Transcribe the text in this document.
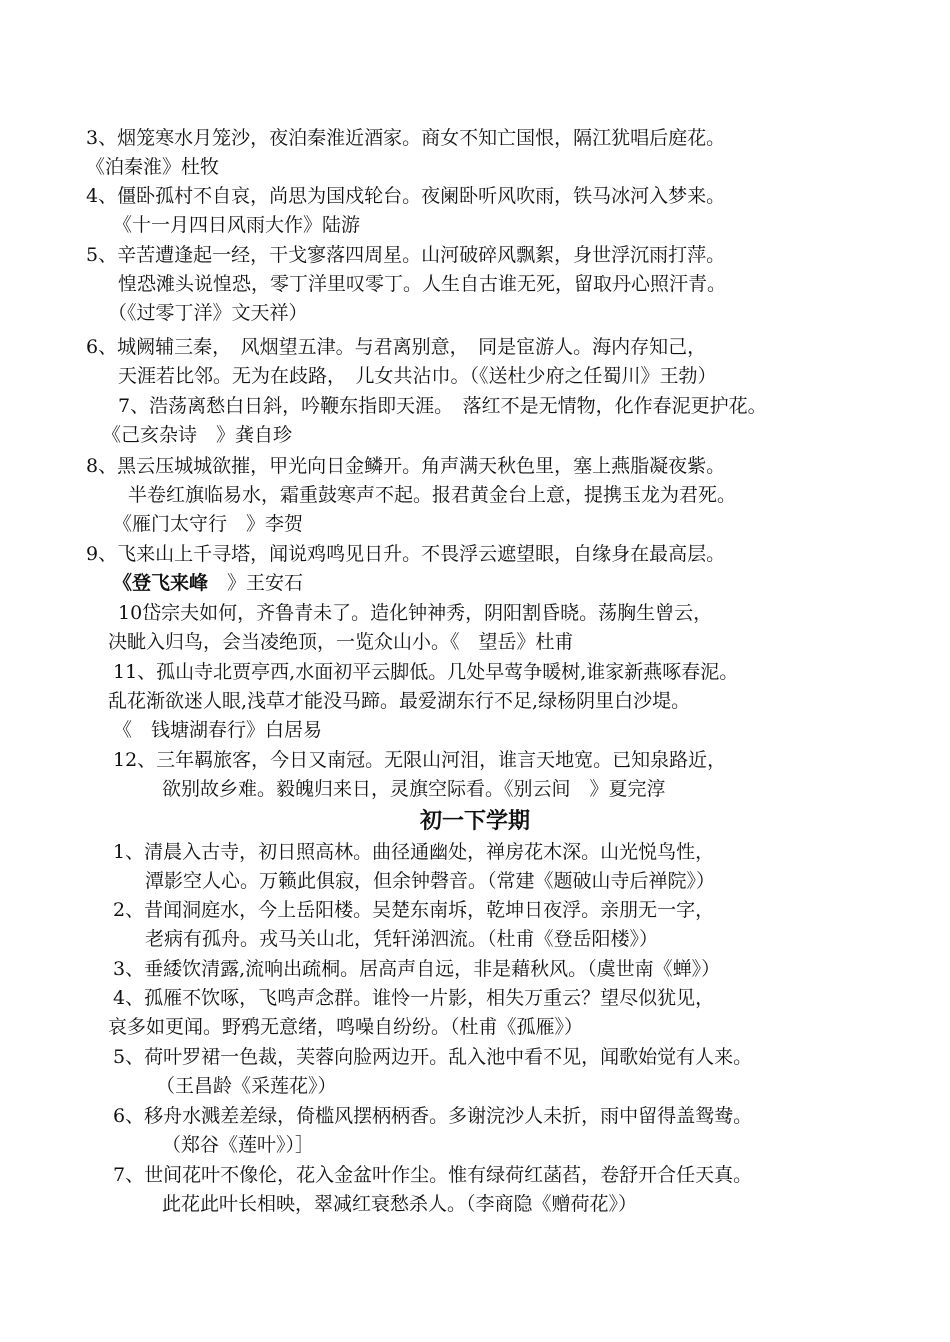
3、烟笼寒水月笼沙，夜泊秦淮近酒家。商女不知亡国恨，隔江犹唱后庭花。
《泊秦淮》杜牧
4、僵卧孤村不自哀，尚思为国戍轮台。夜阑卧听风吹雨，铁马冰河入梦来。
《十一月四日风雨大作》陆游
5、辛苦遭逢起一经，干戈寥落四周星。山河破碎风飘絮，身世浮沉雨打萍。
惶恐滩头说惶恐，零丁洋里叹零丁。人生自古谁无死，留取丹心照汗青。
（《过零丁洋》文天祥）
6、城阙辅三秦，　风烟望五津。与君离别意，　同是宦游人。海内存知己，
天涯若比邻。无为在歧路，　儿女共沾巾。（《送杜少府之任蜀川》王勃）
7、浩荡离愁白日斜，吟鞭东指即天涯。　落红不是无情物，化作春泥更护花。
《己亥杂诗　》龚自珍
8、黑云压城城欲摧，甲光向日金鳞开。角声满天秋色里，塞上燕脂凝夜紫。
半卷红旗临易水，霜重鼓寒声不起。报君黄金台上意，提携玉龙为君死。
《雁门太守行　》李贺
9、飞来山上千寻塔，闻说鸡鸣见日升。不畏浮云遮望眼，自缘身在最高层。
《登飞来峰　》王安石
10岱宗夫如何，齐鲁青未了。造化钟神秀，阴阳割昏晓。荡胸生曾云，
决眦入归鸟，会当凌绝顶，一览众山小。《　望岳》杜甫
11、孤山寺北贾亭西,水面初平云脚低。几处早莺争暖树,谁家新燕啄春泥。
乱花渐欲迷人眼,浅草才能没马蹄。最爱湖东行不足,绿杨阴里白沙堤。
《　钱塘湖春行》白居易
12、三年羁旅客，今日又南冠。无限山河泪，谁言天地宽。已知泉路近，
欲别故乡难。毅魄归来日，灵旗空际看。《别云间　》夏完淳
初一下学期
1、清晨入古寺，初日照高林。曲径通幽处，禅房花木深。山光悦鸟性，
潭影空人心。万籁此俱寂，但余钟磬音。（常建《题破山寺后禅院》）
2、昔闻洞庭水，今上岳阳楼。吴楚东南坼，乾坤日夜浮。亲朋无一字，
老病有孤舟。戎马关山北，凭轩涕泗流。（杜甫《登岳阳楼》）
3、垂緌饮清露,流响出疏桐。居高声自远，非是藉秋风。（虞世南《蝉》）
4、孤雁不饮啄，飞鸣声念群。谁怜一片影，相失万重云？望尽似犹见，
哀多如更闻。野鸦无意绪，鸣噪自纷纷。（杜甫《孤雁》）
5、荷叶罗裙一色裁，芙蓉向脸两边开。乱入池中看不见，闻歌始觉有人来。
（王昌龄《采莲花》）
6、移舟水溅差差绿，倚槛风摆柄柄香。多谢浣沙人未折，雨中留得盖鸳鸯。
（郑谷《莲叶》）］
7、世间花叶不像伦，花入金盆叶作尘。惟有绿荷红菡萏，卷舒开合任天真。
此花此叶长相映，翠减红衰愁杀人。（李商隐《赠荷花》）
